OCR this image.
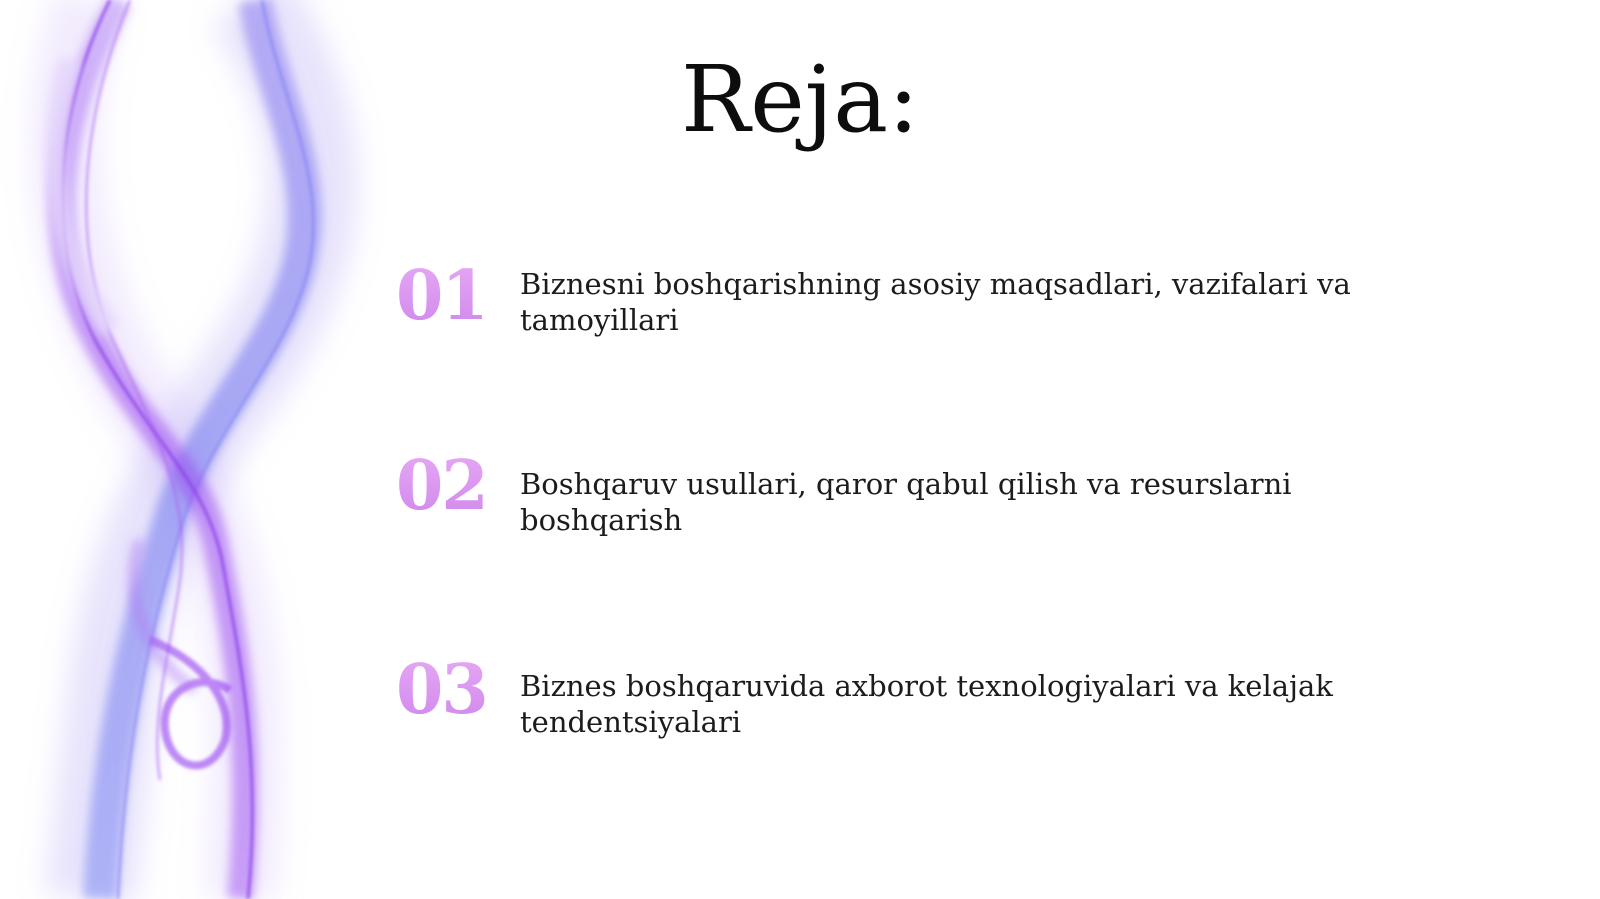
Reja:
01	Biznesni boshqarishning asosiy maqsadlari, vazifalari va tamoyillari
02	Boshqaruv usullari, qaror qabul qilish va resurslarni boshqarish
03	Biznes boshqaruvida axborot texnologiyalari va kelajak tendentsiyalari
